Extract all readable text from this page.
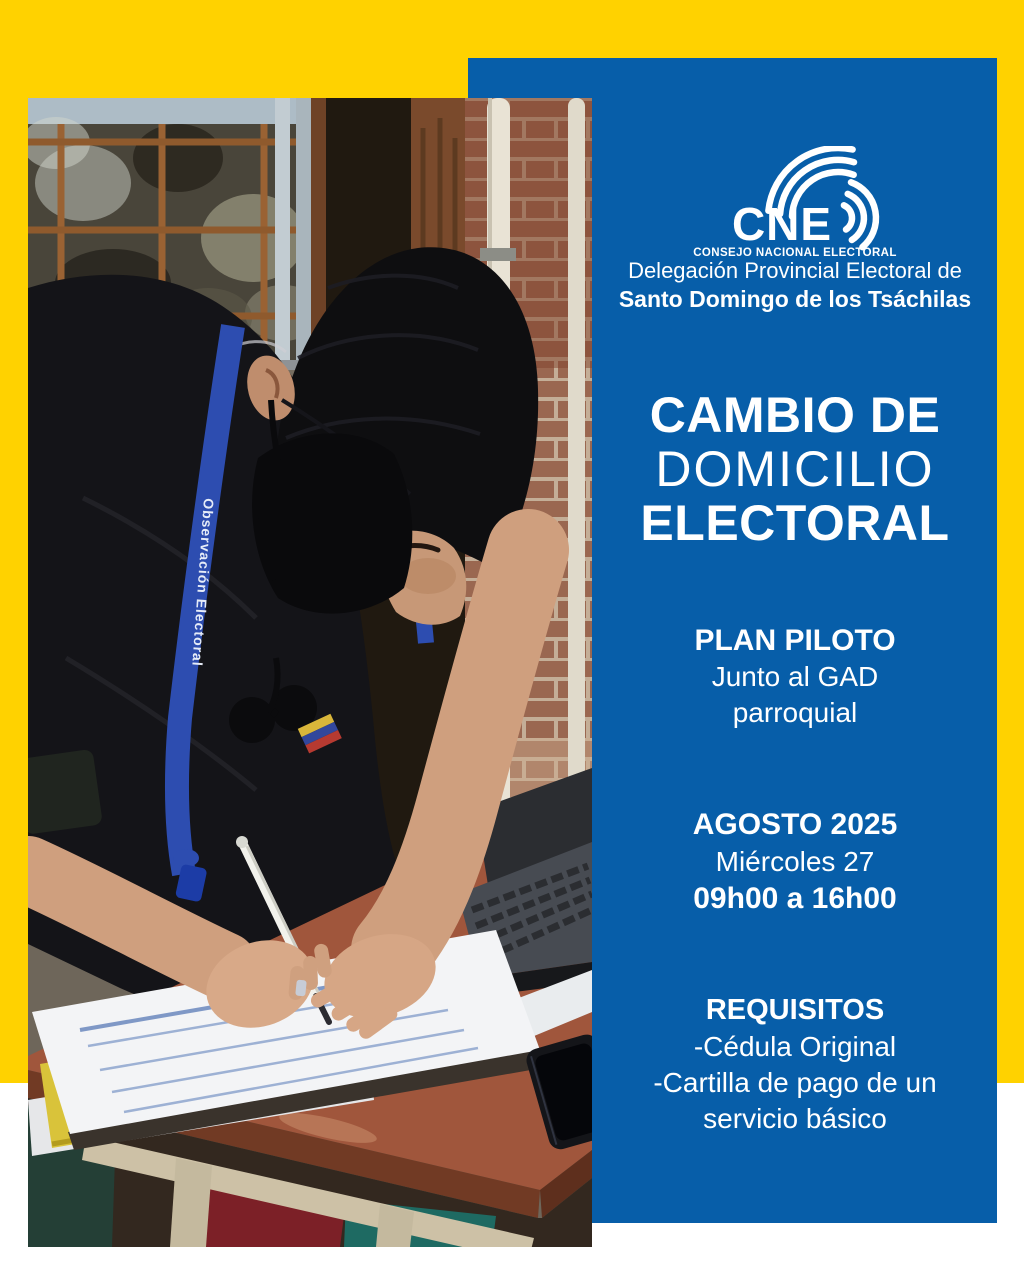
Observación Electoral
CNE
CONSEJO NACIONAL ELECTORAL
Delegación Provincial Electoral de
Santo Domingo de los Tsáchilas
CAMBIO DE
DOMICILIO
ELECTORAL
PLAN PILOTO
Junto al GAD
parroquial
AGOSTO 2025
Miércoles 27
09h00 a 16h00
REQUISITOS
-Cédula Original
-Cartilla de pago de un
servicio básico
